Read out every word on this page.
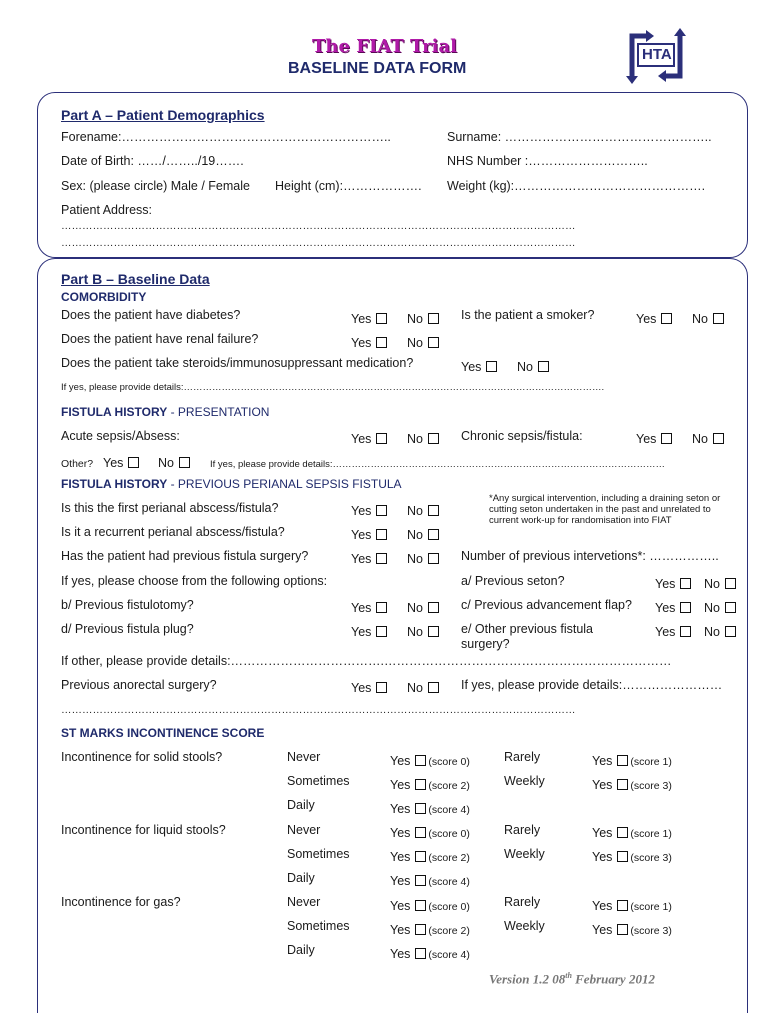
The FIAT Trial
BASELINE DATA FORM
HTA
Part A – Patient Demographics
Forename:………………………………………………………..	Surname: …………………………………………..
Date of Birth: ……/……../19…….	NHS Number :………………………..
Sex: (please circle) Male / Female Height (cm):………………. Weight (kg):……………………………………….
Patient Address:
…………………………………………………………………………………………………………………………………
…………………………………………………………………………………………………………………………………
Part B – Baseline Data
COMORBIDITY
Does the patient have diabetes?	Yes	No	Is the patient a smoker?	Yes	No
Does the patient have renal failure?	Yes	No
Does the patient take steroids/immunosuppressant medication?	Yes	No
If yes, please provide details:…………………………………………………………………………………………………………………….
FISTULA HISTORY - PRESENTATION
Acute sepsis/Absess:	Yes	No	Chronic sepsis/fistula:	Yes	No
Other? Yes	No	If yes, please provide details:……………………………………………………………………………………………
FISTULA HISTORY - PREVIOUS PERIANAL SEPSIS FISTULA
*Any surgical intervention, including a draining seton or cutting seton undertaken in the past and unrelated to current work-up for randomisation into FIAT
Is this the first perianal abscess/fistula?	Yes	No
Is it a recurrent perianal abscess/fistula?	Yes	No
Has the patient had previous fistula surgery?	Yes	No	Number of previous intervetions*: ……………..
If yes, please choose from the following options:	a/ Previous seton?	Yes	No
b/ Previous fistulotomy?	Yes	No	c/ Previous advancement flap? Yes	No
d/ Previous fistula plug?	Yes	No	e/ Other previous fistula surgery?
Yes	No
If other, please provide details:……………………………….……………………………………………………………
Previous anorectal surgery?	Yes	No	If yes, please provide details:……………………
…………………………………………………………………………………………………………………………………
ST MARKS INCONTINENCE SCORE
Incontinence for solid stools?	Never	Yes (score 0)	Rarely	Yes (score 1)
Sometimes	Yes (score 2)	Weekly	Yes (score 3)
Daily	Yes (score 4)
Incontinence for liquid stools?	Never	Yes (score 0)	Rarely	Yes (score 1)
Sometimes	Yes (score 2)	Weekly	Yes (score 3)
Daily	Yes (score 4)
Incontinence for gas?	Never	Yes (score 0)	Rarely	Yes (score 1)
Sometimes	Yes (score 2)	Weekly	Yes (score 3)
Daily	Yes (score 4)
Version 1.2 08th February 2012
